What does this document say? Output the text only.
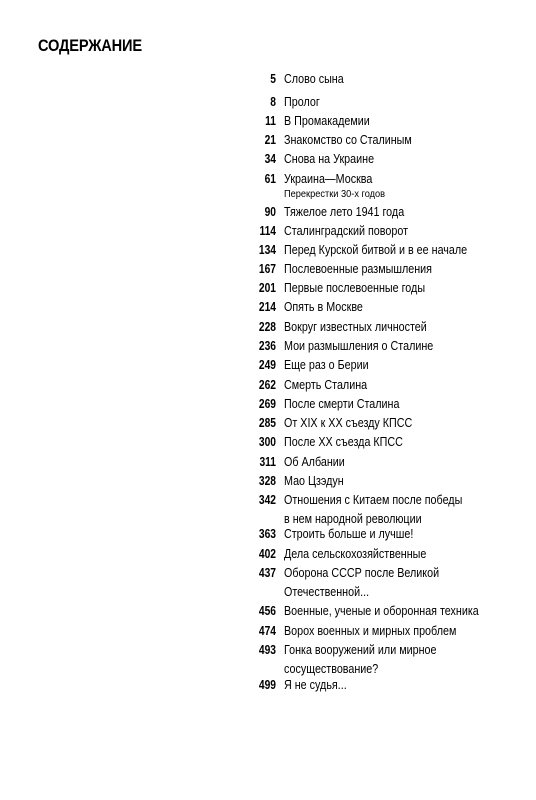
СОДЕРЖАНИЕ
5 Слово сына
8 Пролог
11 В Промакадемии
21 Знакомство со Сталиным
34 Снова на Украине
61 Украина—Москва
Перекрестки 30-х годов
90 Тяжелое лето 1941 года
114 Сталинградский поворот
134 Перед Курской битвой и в ее начале
167 Послевоенные размышления
201 Первые послевоенные годы
214 Опять в Москве
228 Вокруг известных личностей
236 Мои размышления о Сталине
249 Еще раз о Берии
262 Смерть Сталина
269 После смерти Сталина
285 От XIX к XX съезду КПСС
300 После XX съезда КПСС
311 Об Албании
328 Мао Цзэдун
342 Отношения с Китаем после победы
в нем народной революции
363 Строить больше и лучше!
402 Дела сельскохозяйственные
437 Оборона СССР после Великой
Отечественной...
456 Военные, ученые и оборонная техника
474 Ворох военных и мирных проблем
493 Гонка вооружений или мирное
сосуществование?
499 Я не судья...
